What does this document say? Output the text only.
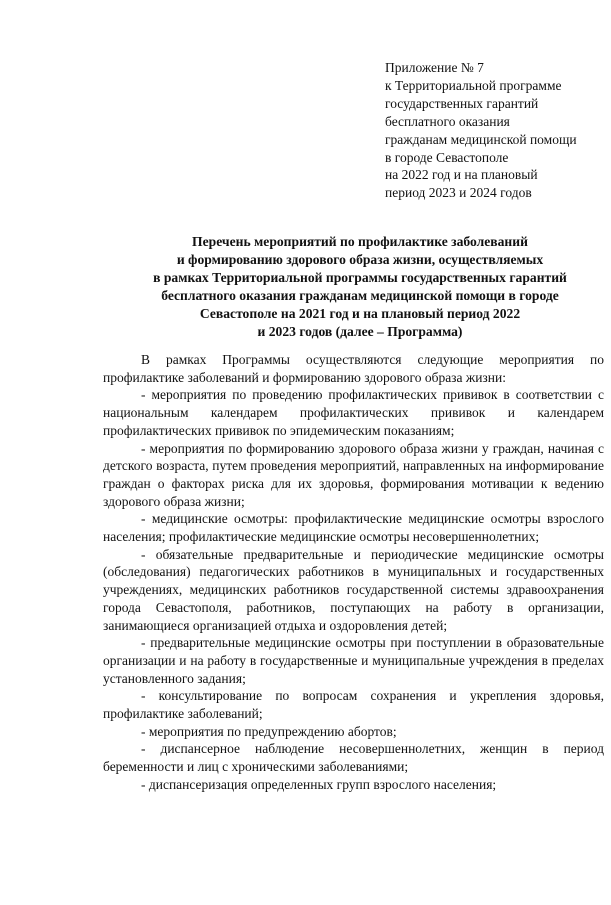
Приложение № 7
к Территориальной программе
государственных гарантий
бесплатного оказания
гражданам медицинской помощи
в городе Севастополе
на 2022 год и на плановый
период 2023 и 2024 годов
Перечень мероприятий по профилактике заболеваний
и формированию здорового образа жизни, осуществляемых
в рамках Территориальной программы государственных гарантий
бесплатного оказания гражданам медицинской помощи в городе
Севастополе на 2021 год и на плановый период 2022
и 2023 годов (далее – Программа)

В рамках Программы осуществляются следующие мероприятия по профилактике заболеваний и формированию здорового образа жизни:

- мероприятия по проведению профилактических прививок в соответствии с национальным календарем профилактических прививок и календарем профилактических прививок по эпидемическим показаниям;

- мероприятия по формированию здорового образа жизни у граждан, начиная с детского возраста, путем проведения мероприятий, направленных на информирование граждан о факторах риска для их здоровья, формирования мотивации к ведению здорового образа жизни;

- медицинские осмотры: профилактические медицинские осмотры взрослого населения; профилактические медицинские осмотры несовершеннолетних;

- обязательные предварительные и периодические медицинские осмотры (обследования) педагогических работников в муниципальных и государственных учреждениях, медицинских работников государственной системы здравоохранения города Севастополя, работников, поступающих на работу в организации, занимающиеся организацией отдыха и оздоровления детей;

- предварительные медицинские осмотры при поступлении в образовательные организации и на работу в государственные и муниципальные учреждения в пределах установленного задания;

- консультирование по вопросам сохранения и укрепления здоровья, профилактике заболеваний;

- мероприятия по предупреждению абортов;

- диспансерное наблюдение несовершеннолетних, женщин в период беременности и лиц с хроническими заболеваниями;

- диспансеризация определенных групп взрослого населения;
